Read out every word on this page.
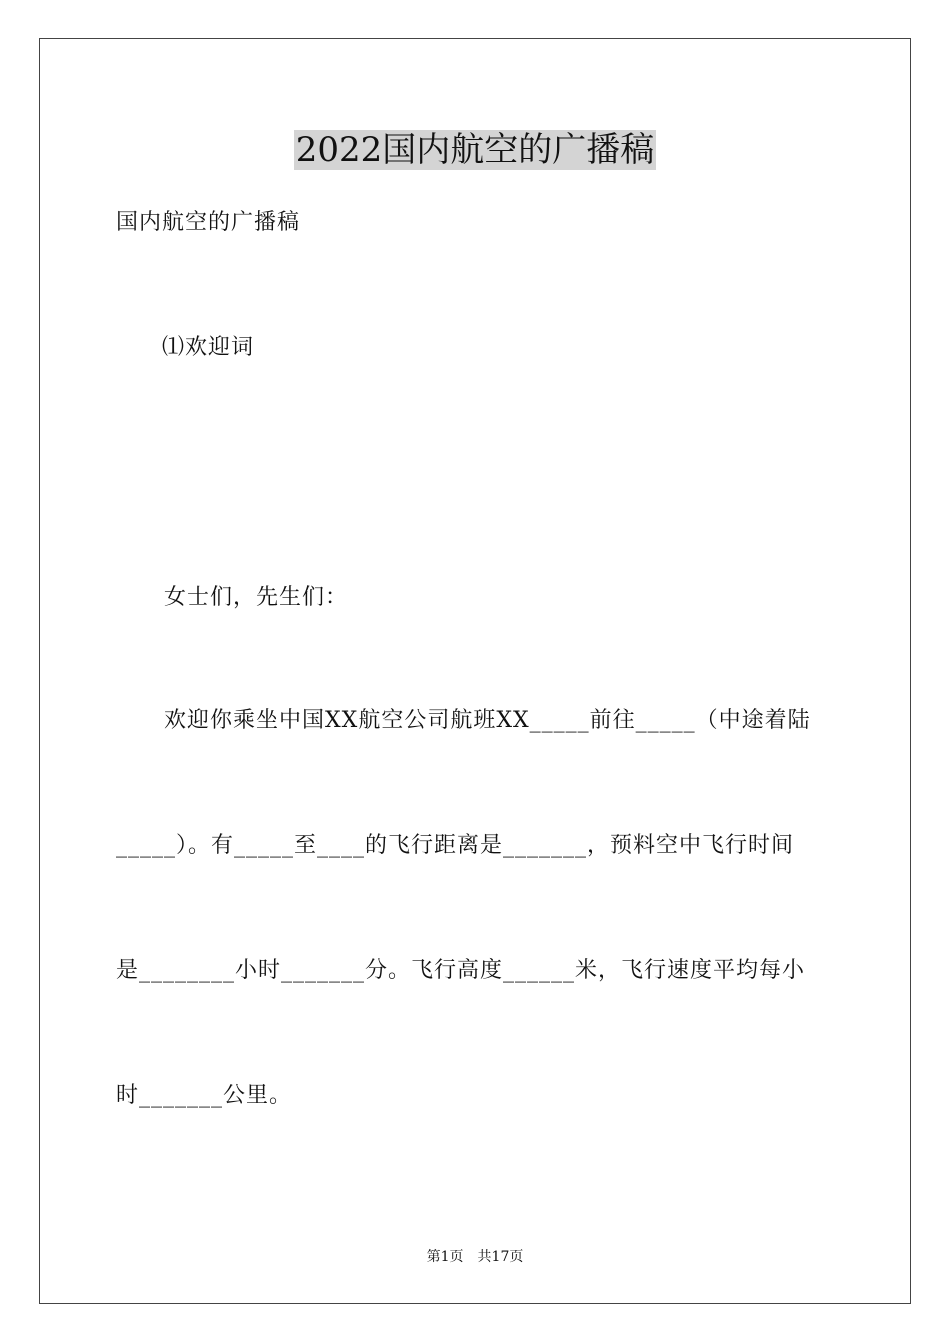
2022国内航空的广播稿
国内航空的广播稿
⑴欢迎词
女士们，先生们：
欢迎你乘坐中国XX航空公司航班XX_____前往_____（中途着陆
_____）。有_____至____的飞行距离是_______，预料空中飞行时间
是________小时_______分。飞行高度______米，飞行速度平均每小
时_______公里。
第1页　共17页
